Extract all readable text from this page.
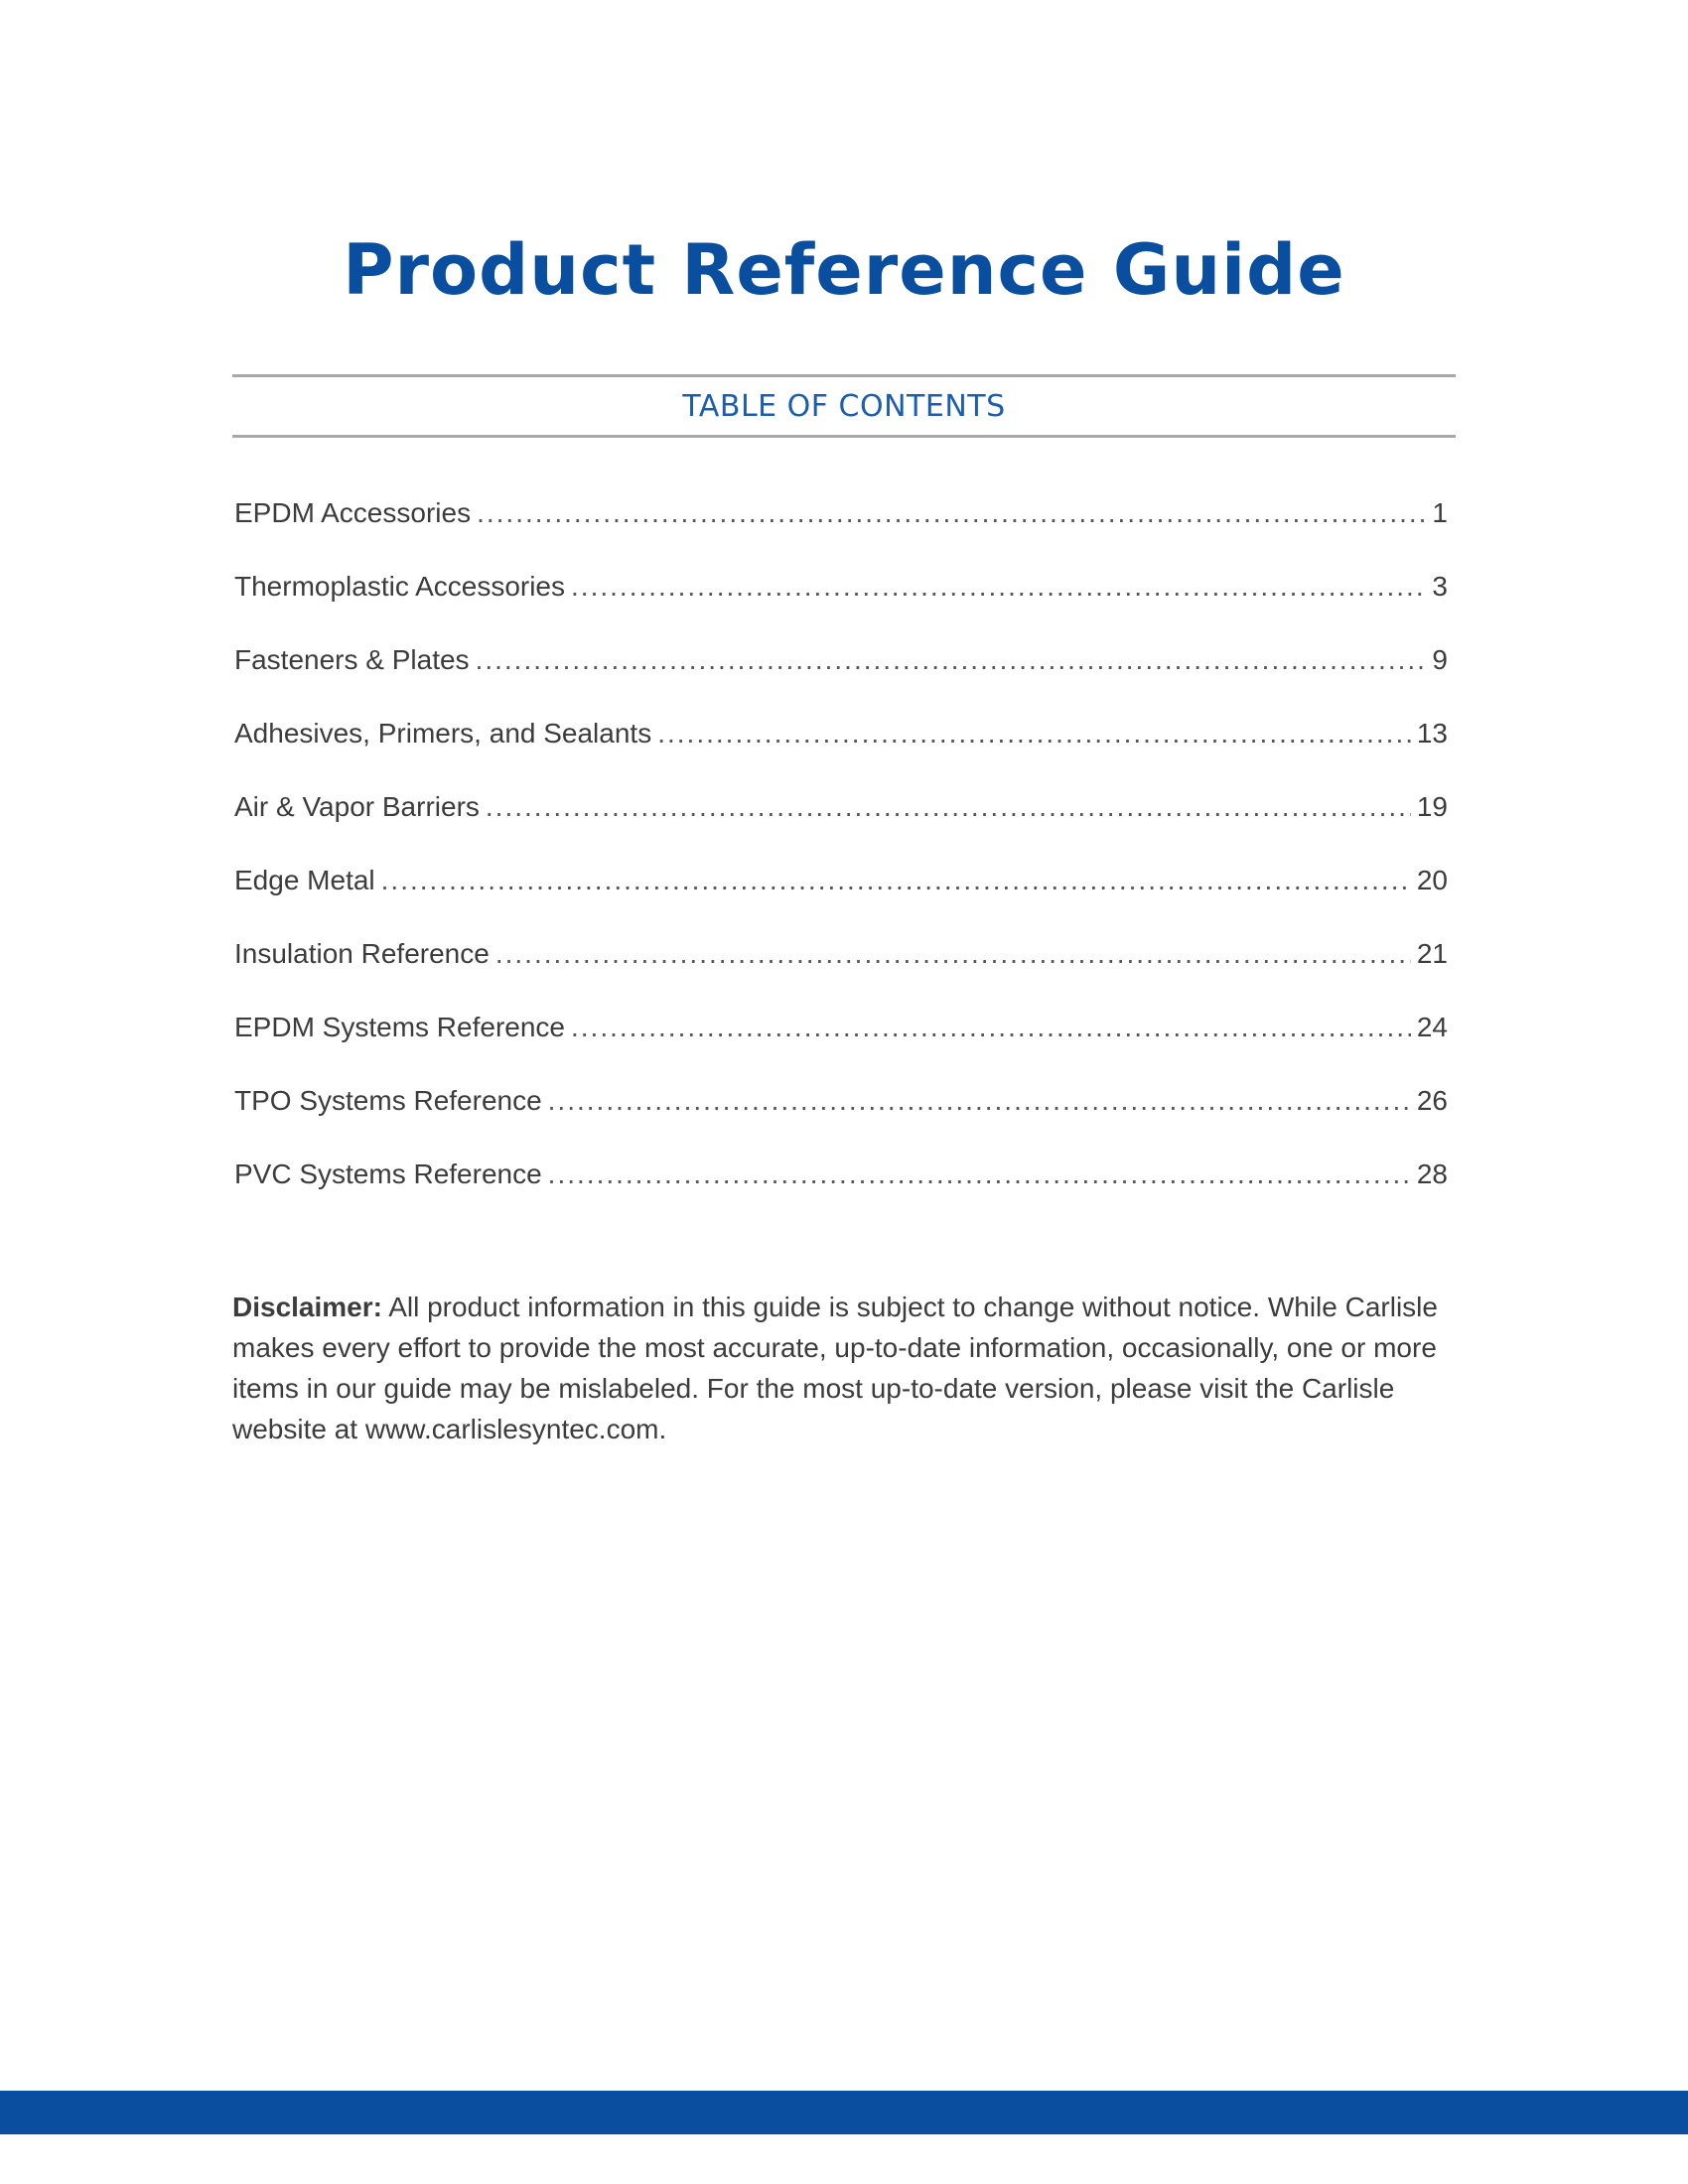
Product Reference Guide
TABLE OF CONTENTS
EPDM Accessories .....	1
Thermoplastic Accessories .....	3
Fasteners & Plates .....	9
Adhesives, Primers, and Sealants .....	13
Air & Vapor Barriers .....	19
Edge Metal .....	20
Insulation Reference .....	21
EPDM Systems Reference .....	24
TPO Systems Reference .....	26
PVC Systems Reference .....	28

Disclaimer: All product information in this guide is subject to change without notice. While Carlisle makes every effort to provide the most accurate, up-to-date information, occasionally, one or more items in our guide may be mislabeled. For the most up-to-date version, please visit the Carlisle website at www.carlislesyntec.com.
